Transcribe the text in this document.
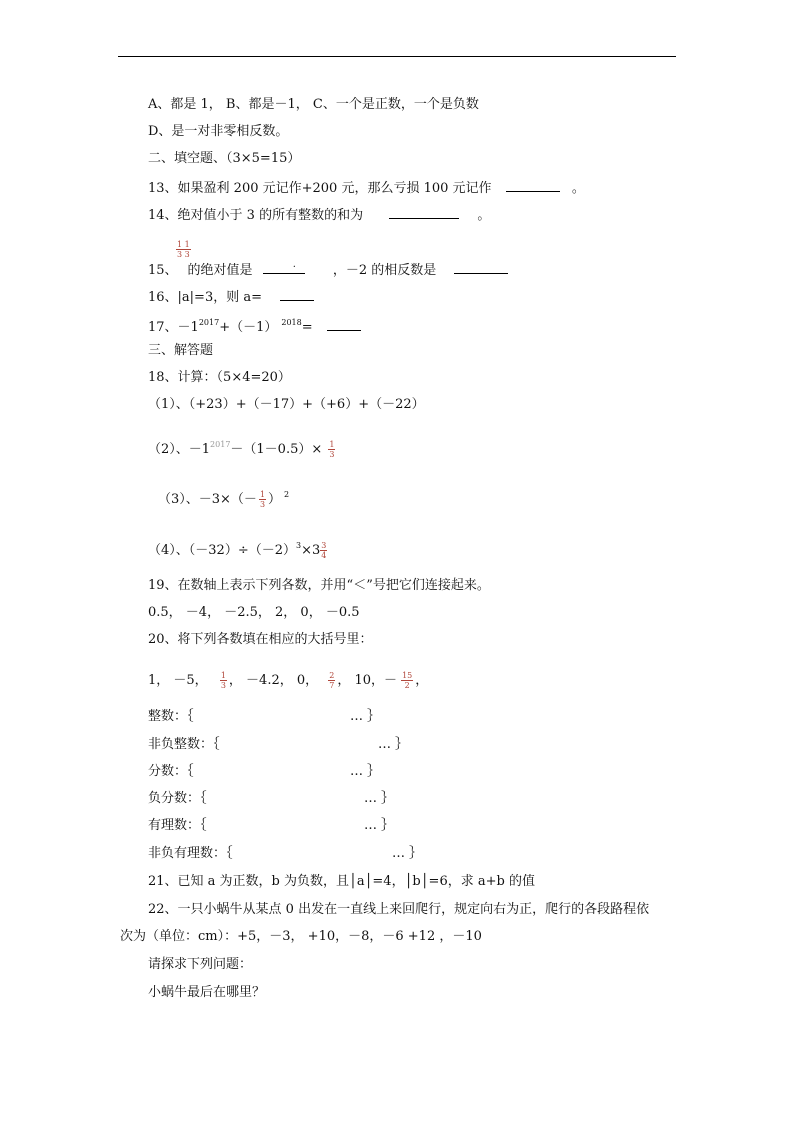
A、都是 1， B、都是－1， C、一个是正数，一个是负数
D、是一对非零相反数。
二、填空题、（3×5=15）
13、如果盈利 200 元记作+200 元，那么亏损 100 元记作	。
14、绝对值小于 3 的所有整数的和为	。
$\frac{1 1}{3 3}$
15、 的绝对值是	.	，－2 的相反数是
16、|a|=3，则 a=
17、$-1^{2017}+(-1)$ $^{2018}$=
三、解答题
18、计算：（5×4=20）
（1）、（+23）+（－17）+（+6）+（－22）
（2）、$-1^{2017}-(1-0.5)\times \frac{1}{3}$
（3）、$-3\times(- \frac{1}{3}$ ） $^2$
（4）、$(-32)\div(-2)^3\times 3 \frac{3}{4}$
19、在数轴上表示下列各数，并用“＜”号把它们连接起来。
0.5， －4， －2.5， 2， 0， －0.5
20、将下列各数填在相应的大括号里：
1， －5， $\frac{1}{3}$ ， －4.2， 0， $\frac{2}{7}$ ， 10，－ $\frac{15}{2}$ ，
整数：｛	… ｝
非负整数：｛	… ｝
分数：｛	… ｝
负分数：｛	… ｝
有理数：｛	… ｝
非负有理数：｛	… ｝
21、已知 a 为正数，b 为负数，且│a│=4，│b│=6，求 a+b 的值
22、一只小蜗牛从某点 0 出发在一直线上来回爬行，规定向右为正，爬行的各段路程依
次为（单位：cm）：+5，－3， +10，－8，－6 +12 ，－10
请探求下列问题：
小蜗牛最后在哪里？
